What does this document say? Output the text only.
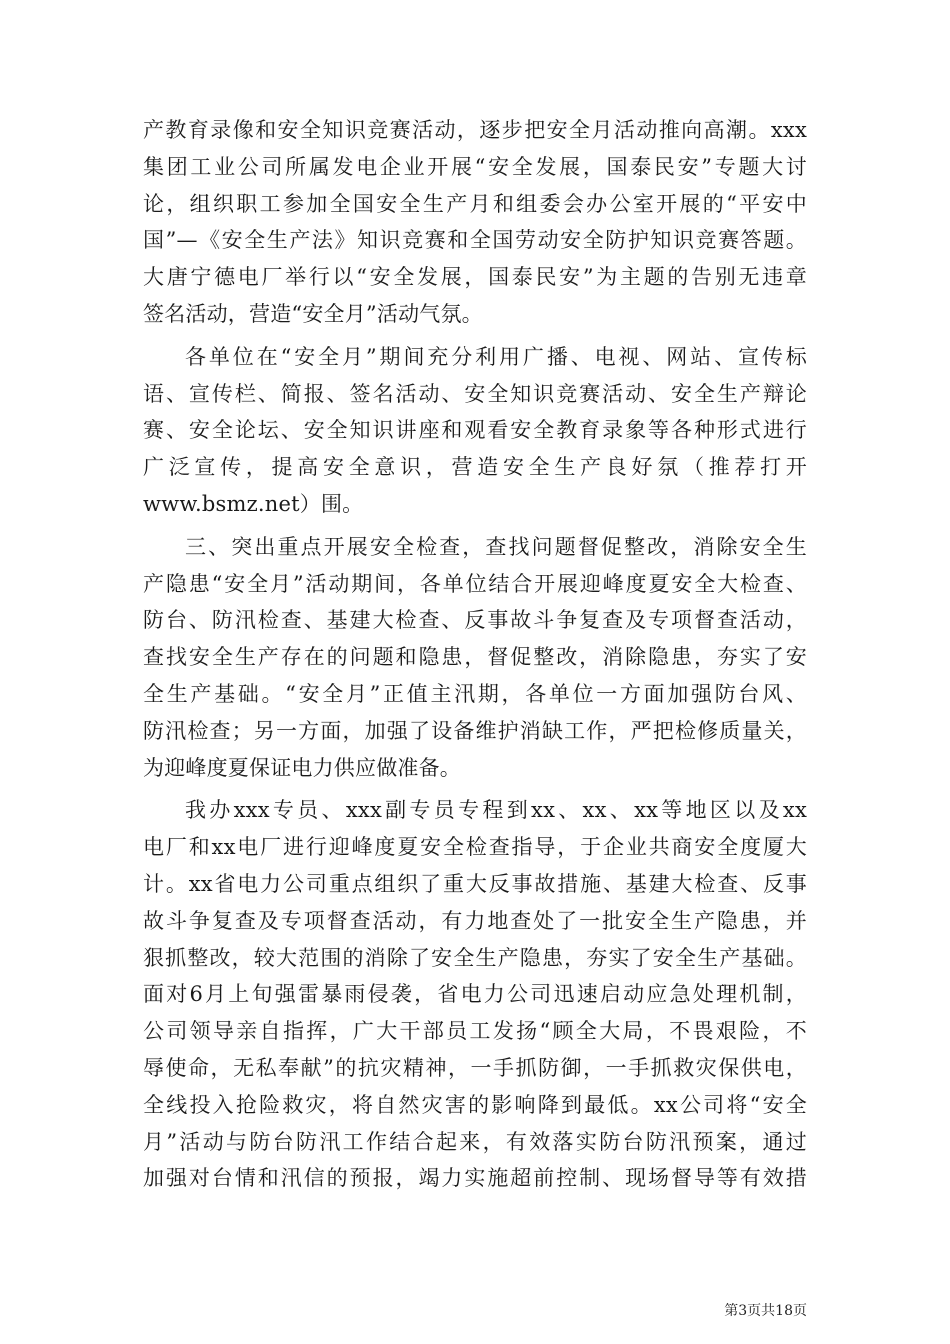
产教育录像和安全知识竞赛活动，逐步把安全月活动推向高潮。xxx
集团工业公司所属发电企业开展“安全发展，国泰民安”专题大讨
论，组织职工参加全国安全生产月和组委会办公室开展的“平安中
国”—《安全生产法》知识竞赛和全国劳动安全防护知识竞赛答题。
大唐宁德电厂举行以“安全发展，国泰民安”为主题的告别无违章
签名活动，营造“安全月”活动气氛。
各单位在“安全月”期间充分利用广播、电视、网站、宣传标
语、宣传栏、简报、签名活动、安全知识竞赛活动、安全生产辩论
赛、安全论坛、安全知识讲座和观看安全教育录象等各种形式进行
广泛宣传，提高安全意识，营造安全生产良好氛（推荐打开
www.bsmz.net）围。
三、突出重点开展安全检查，查找问题督促整改，消除安全生
产隐患“安全月”活动期间，各单位结合开展迎峰度夏安全大检查、
防台、防汛检查、基建大检查、反事故斗争复查及专项督查活动，
查找安全生产存在的问题和隐患，督促整改，消除隐患，夯实了安
全生产基础。“安全月”正值主汛期，各单位一方面加强防台风、
防汛检查；另一方面，加强了设备维护消缺工作，严把检修质量关，
为迎峰度夏保证电力供应做准备。
我办xxx专员、xxx副专员专程到xx、xx、xx等地区以及xx
电厂和xx电厂进行迎峰度夏安全检查指导，于企业共商安全度厦大
计。xx省电力公司重点组织了重大反事故措施、基建大检查、反事
故斗争复查及专项督查活动，有力地查处了一批安全生产隐患，并
狠抓整改，较大范围的消除了安全生产隐患，夯实了安全生产基础。
面对6月上旬强雷暴雨侵袭，省电力公司迅速启动应急处理机制，
公司领导亲自指挥，广大干部员工发扬“顾全大局，不畏艰险，不
辱使命，无私奉献”的抗灾精神，一手抓防御，一手抓救灾保供电，
全线投入抢险救灾，将自然灾害的影响降到最低。xx公司将“安全
月”活动与防台防汛工作结合起来，有效落实防台防汛预案，通过
加强对台情和汛信的预报，竭力实施超前控制、现场督导等有效措
第3页共18页
